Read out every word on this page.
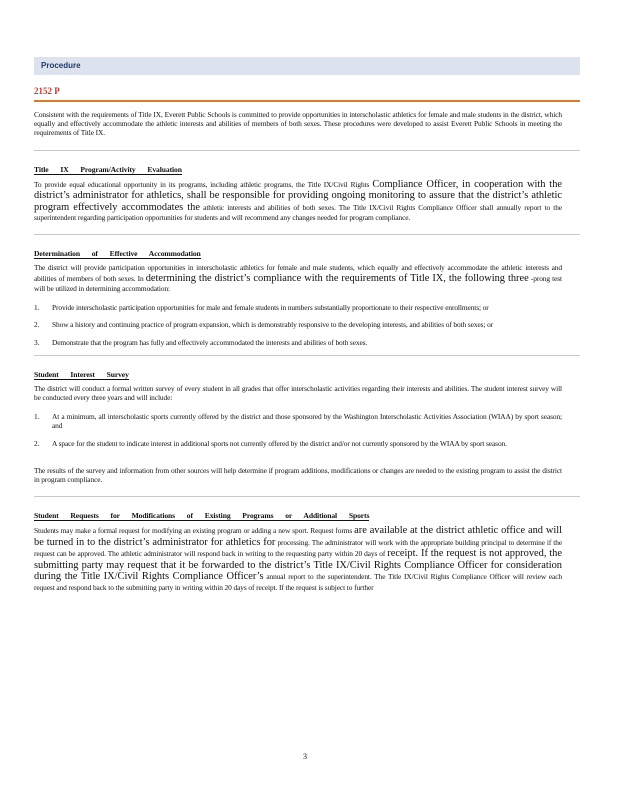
Procedure
2152 P

Consistent with the requirements of Title IX, Everett Public Schools is committed to provide opportunities in interscholastic athletics for female and male students in the district, which equally and effectively accommodate the athletic interests and abilities of members of both sexes. These procedures were developed to assist Everett Public Schools in meeting the requirements of Title IX.

Title IX Program/Activity Evaluation

To provide equal educational opportunity in its programs, including athletic programs, the Title IX/Civil Rights Compliance Officer, in cooperation with the district’s administrator for athletics, shall be responsible for providing ongoing monitoring to assure that the district’s athletic program effectively accommodates the athletic interests and abilities of both sexes. The Title IX/Civil Rights Compliance Officer shall annually report to the superintendent regarding participation opportunities for students and will recommend any changes needed for program compliance.

Determination of Effective Accommodation

The district will provide participation opportunities in interscholastic athletics for female and male students, which equally and effectively accommodate the athletic interests and abilities of members of both sexes. In determining the district’s compliance with the requirements of Title IX, the following three -prong test will be utilized in determining accommodation:

1.	Provide interscholastic participation opportunities for male and female students in numbers substantially proportionate to their respective enrollments; or
2.	Show a history and continuing practice of program expansion, which is demonstrably responsive to the developing interests, and abilities of both sexes; or
3.	Demonstrate that the program has fully and effectively accommodated the interests and abilities of both sexes.
Student Interest Survey

The district will conduct a formal written survey of every student in all grades that offer interscholastic activities regarding their interests and abilities. The student interest survey will be conducted every three years and will include:

1.	At a minimum, all interscholastic sports currently offered by the district and those sponsored by the Washington Interscholastic Activities Association (WIAA) by sport season; and
2.	A space for the student to indicate interest in additional sports not currently offered by the district and/or not currently sponsored by the WIAA by sport season.

The results of the survey and information from other sources will help determine if program additions, modifications or changes are needed to the existing program to assist the district in program compliance.

Student Requests for Modifications of Existing Programs or Additional Sports

Students may make a formal request for modifying an existing program or adding a new sport. Request forms are available at the district athletic office and will be turned in to the district’s administrator for athletics for processing. The administrator will work with the appropriate building principal to determine if the request can be approved. The athletic administrator will respond back in writing to the requesting party within 20 days of receipt. If the request is not approved, the submitting party may request that it be forwarded to the district’s Title IX/Civil Rights Compliance Officer for consideration during the Title IX/Civil Rights Compliance Officer’s annual report to the superintendent. The Title IX/Civil Rights Compliance Officer will review each request and respond back to the submitting party in writing within 20 days of receipt. If the request is subject to further

3
